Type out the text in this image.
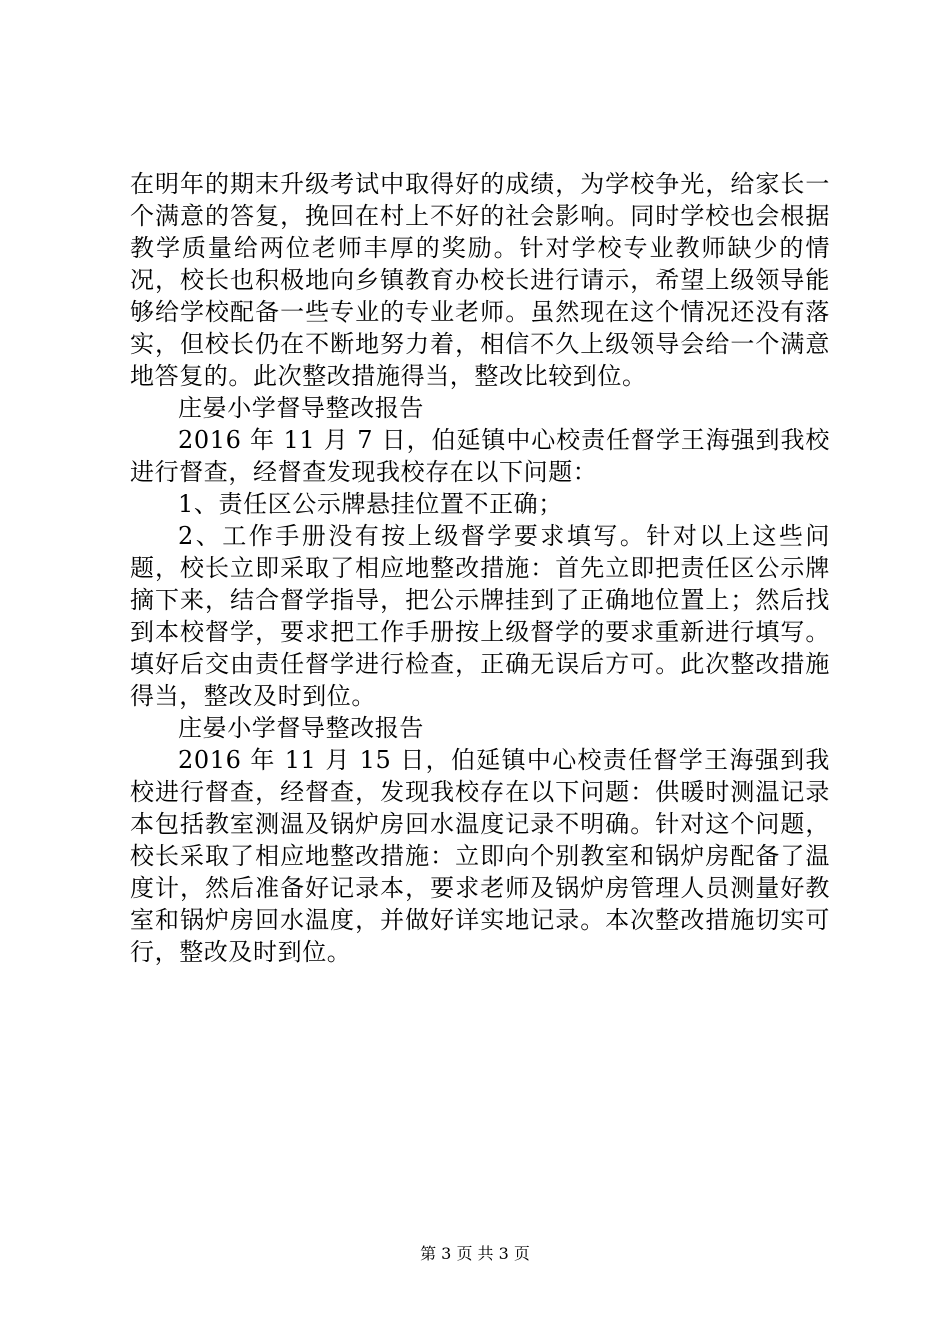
在明年的期末升级考试中取得好的成绩，为学校争光，给家长一个满意的答复，挽回在村上不好的社会影响。同时学校也会根据教学质量给两位老师丰厚的奖励。针对学校专业教师缺少的情况，校长也积极地向乡镇教育办校长进行请示，希望上级领导能够给学校配备一些专业的专业老师。虽然现在这个情况还没有落实，但校长仍在不断地努力着，相信不久上级领导会给一个满意地答复的。此次整改措施得当，整改比较到位。

庄晏小学督导整改报告

2016 年 11 月 7 日，伯延镇中心校责任督学王海强到我校进行督查，经督查发现我校存在以下问题：

1、责任区公示牌悬挂位置不正确；

2、工作手册没有按上级督学要求填写。针对以上这些问题，校长立即采取了相应地整改措施：首先立即把责任区公示牌摘下来，结合督学指导，把公示牌挂到了正确地位置上；然后找到本校督学，要求把工作手册按上级督学的要求重新进行填写。填好后交由责任督学进行检查，正确无误后方可。此次整改措施得当，整改及时到位。

庄晏小学督导整改报告

2016 年 11 月 15 日，伯延镇中心校责任督学王海强到我校进行督查，经督查，发现我校存在以下问题：供暖时测温记录本包括教室测温及锅炉房回水温度记录不明确。针对这个问题，校长采取了相应地整改措施：立即向个别教室和锅炉房配备了温度计，然后准备好记录本，要求老师及锅炉房管理人员测量好教室和锅炉房回水温度，并做好详实地记录。本次整改措施切实可行，整改及时到位。

第 3 页 共 3 页
